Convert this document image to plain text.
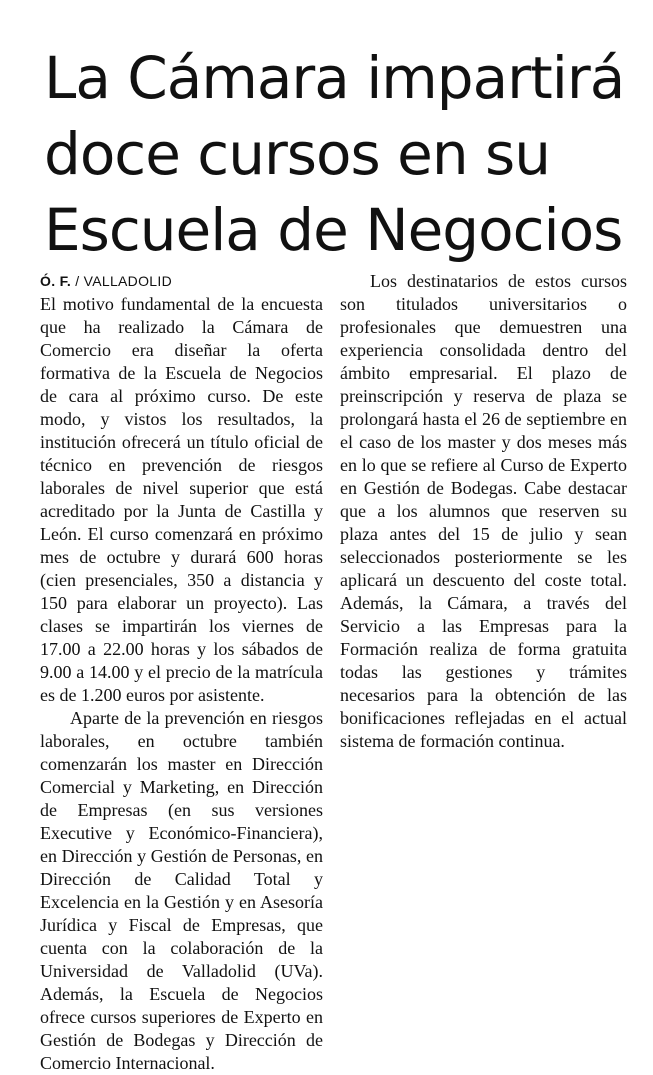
La Cámara impartirá
doce cursos en su
Escuela de Negocios
Ó. F. / VALLADOLID

El motivo fundamental de la encuesta que ha realizado la Cámara de Comercio era diseñar la oferta formativa de la Escuela de Negocios de cara al próximo curso. De este modo, y vistos los resultados, la institución ofrecerá un título oficial de técnico en prevención de riesgos laborales de nivel superior que está acreditado por la Junta de Castilla y León. El curso comenzará en próximo mes de octubre y durará 600 horas (cien presenciales, 350 a distancia y 150 para elaborar un proyecto). Las clases se impartirán los viernes de 17.00 a 22.00 horas y los sábados de 9.00 a 14.00 y el precio de la matrícula es de 1.200 euros por asistente.

Aparte de la prevención en riesgos laborales, en octubre también comenzarán los master en Dirección Comercial y Marketing, en Dirección de Empresas (en sus versiones Executive y Económico-Financiera), en Dirección y Gestión de Personas, en Dirección de Calidad Total y Excelencia en la Gestión y en Asesoría Jurídica y Fiscal de Empresas, que cuenta con la colaboración de la Universidad de Valladolid (UVa). Además, la Escuela de Negocios ofrece cursos superiores de Experto en Gestión de Bodegas y Dirección de Comercio Internacional.

Los destinatarios de estos cursos son titulados universitarios o profesionales que demuestren una experiencia consolidada dentro del ámbito empresarial. El plazo de preinscripción y reserva de plaza se prolongará hasta el 26 de septiembre en el caso de los master y dos meses más en lo que se refiere al Curso de Experto en Gestión de Bodegas. Cabe destacar que a los alumnos que reserven su plaza antes del 15 de julio y sean seleccionados posteriormente se les aplicará un descuento del coste total. Además, la Cámara, a través del Servicio a las Empresas para la Formación realiza de forma gratuita todas las gestiones y trámites necesarios para la obtención de las bonificaciones reflejadas en el actual sistema de formación continua.
